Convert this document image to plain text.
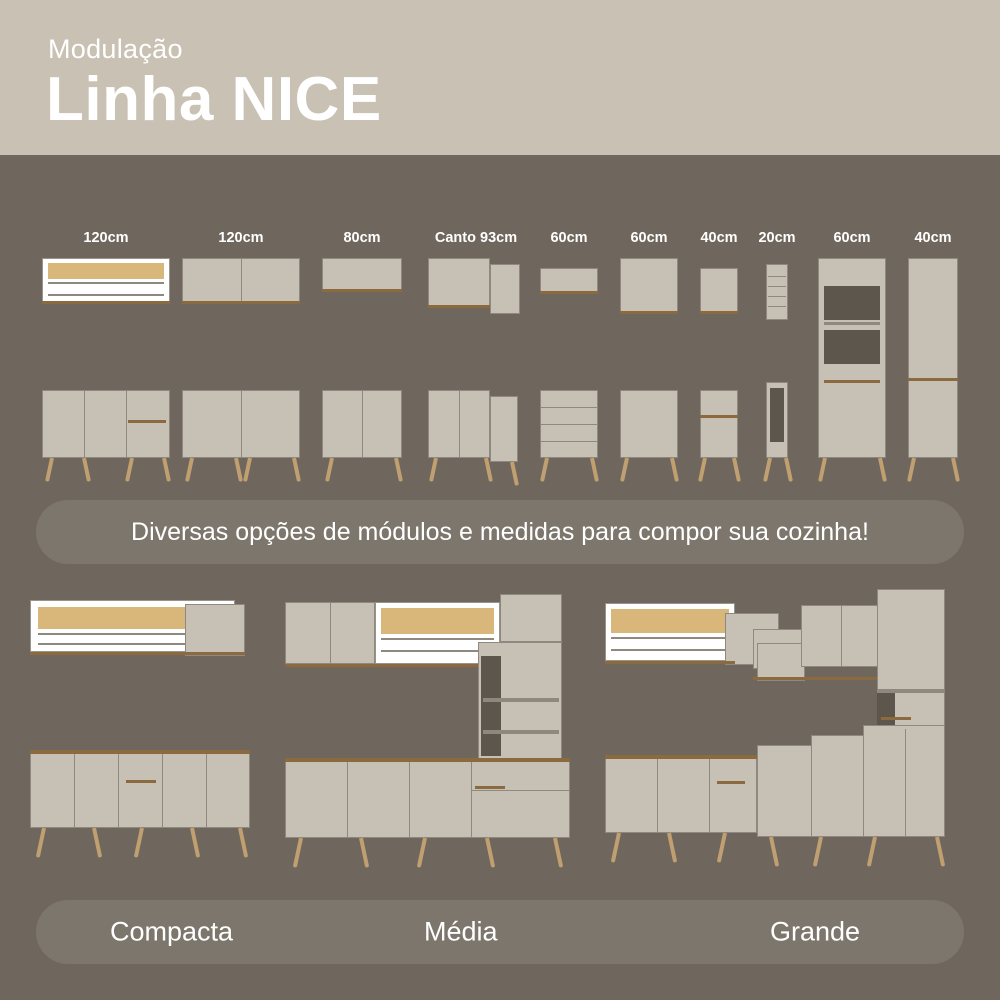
Modulação
Linha NICE
120cm	120cm	80cm	Canto 93cm 60cm	60cm 40cm 20cm	60cm	40cm
Diversas opções de módulos e medidas para compor sua cozinha!
Compacta	Média	Grande
